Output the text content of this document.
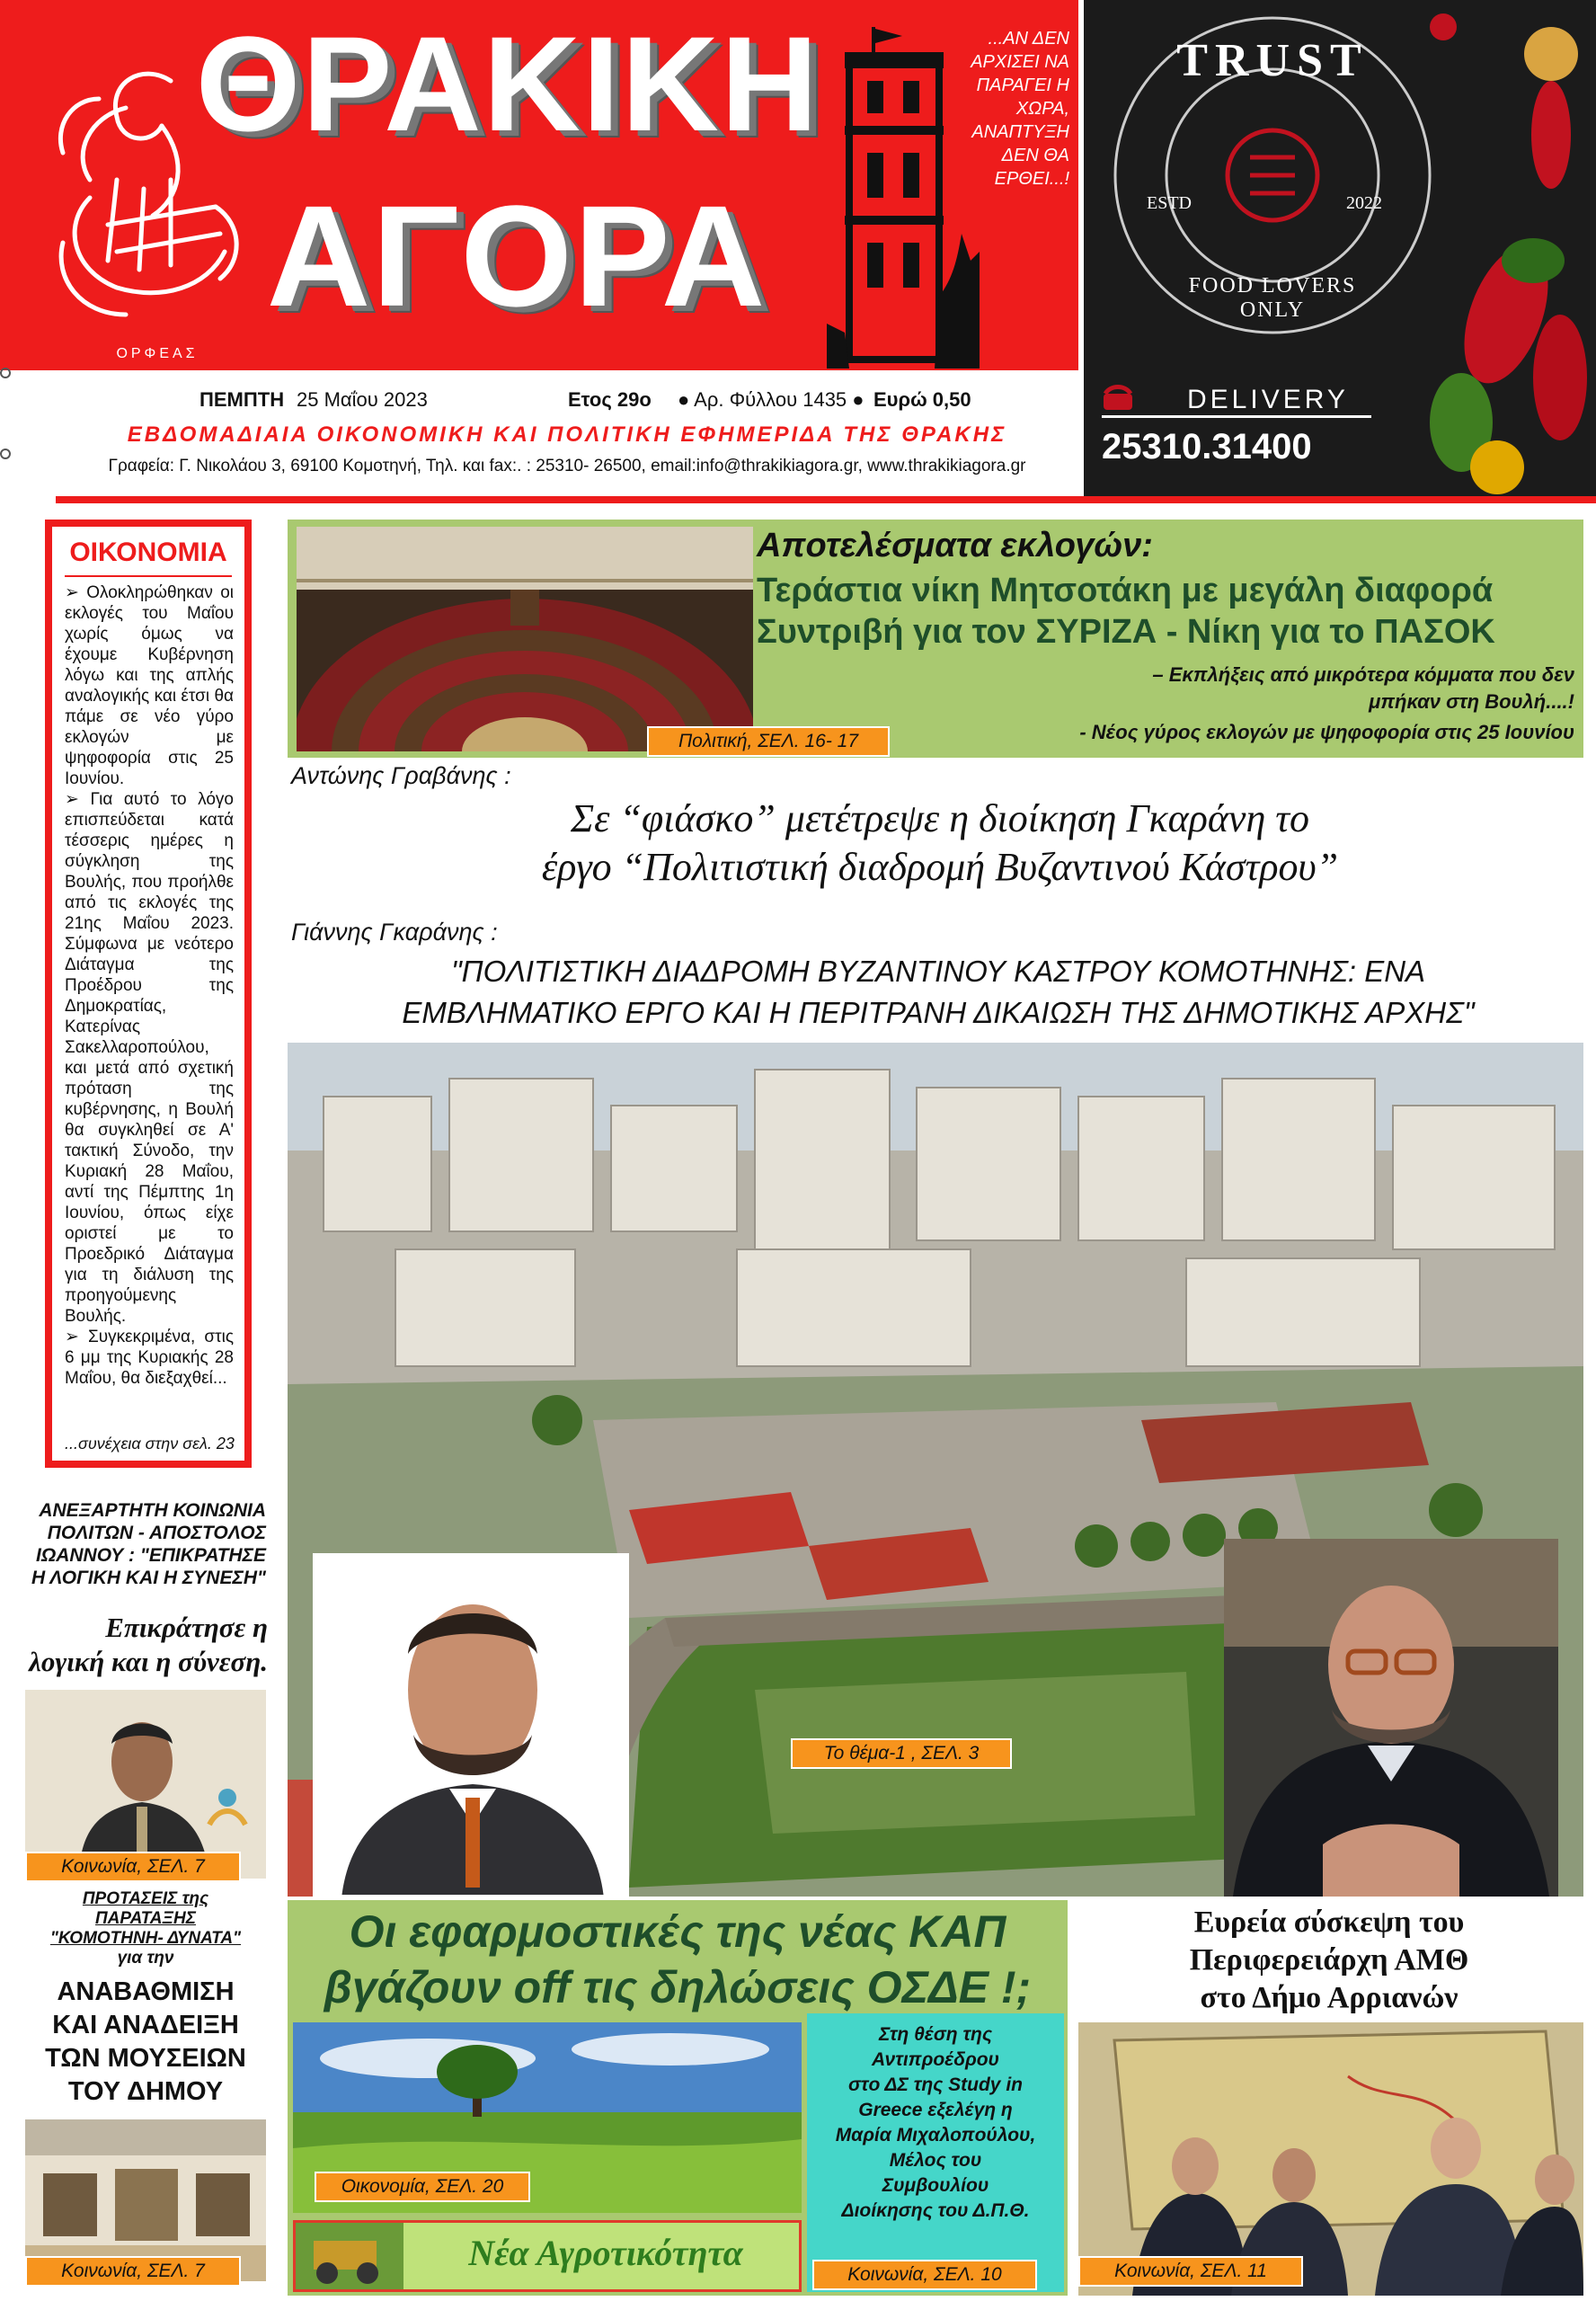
ΟΡΦΕΑΣ
ΘΡΑΚΙΚΗ
ΑΓΟΡΑ
...ΑΝ ΔΕΝ
ΑΡΧΙΣΕΙ ΝΑ
ΠΑΡΑΓΕΙ Η
ΧΩΡΑ,
ΑΝΑΠΤΥΞΗ
ΔΕΝ ΘΑ
ΕΡΘΕΙ...!
ΠΕΜΠΤΗ 25 Μαΐου 2023	Ετος 29ο ● Αρ. Φύλλου 1435 ● Ευρώ 0,50
ΕΒΔΟΜΑΔΙΑΙΑ ΟΙΚΟΝΟΜΙΚΗ ΚΑΙ ΠΟΛΙΤΙΚΗ ΕΦΗΜΕΡΙΔΑ ΤΗΣ ΘΡΑΚΗΣ
Γραφεία: Γ. Νικολάου 3, 69100 Κομοτηνή, Τηλ. και fax:. : 25310- 26500, email:info@thrakikiagora.gr, www.thrakikiagora.gr
TRUST
ESTD	2022
FOOD LOVERS ONLY
DELIVERY
25310.31400
ΟΙΚΟΝΟΜΙΑ
➢ Ολοκληρώθηκαν οι εκλογές του Μαΐου χωρίς όμως να έχουμε Κυβέρνηση λόγω και της απλής αναλογικής και έτσι θα πάμε σε νέο γύρο εκλογών με ψηφοφορία στις 25 Ιουνίου.
➢ Για αυτό το λόγο επισπεύδεται κατά τέσσερις ημέρες η σύγκληση της Βουλής, που προήλθε από τις εκλογές της 21ης Μαΐου 2023. Σύμφωνα με νεότερο Διάταγμα της Προέδρου της Δημοκρατίας, Κατερίνας Σακελλαροπούλου, και μετά από σχετική πρόταση της κυβέρνησης, η Βουλή θα συγκληθεί σε Α' τακτική Σύνοδο, την Κυριακή 28 Μαΐου, αντί της Πέμπτης 1η Ιουνίου, όπως είχε οριστεί με το Προεδρικό Διάταγμα για τη διάλυση της προηγούμενης Βουλής.
➢ Συγκεκριμένα, στις 6 μμ της Κυριακής 28 Μαΐου, θα διεξαχθεί...
...συνέχεια στην σελ. 23
ΑΝΕΞΑΡΤΗΤΗ ΚΟΙΝΩΝΙΑ ΠΟΛΙΤΩΝ - ΑΠΟΣΤΟΛΟΣ ΙΩΑΝΝΟΥ : "ΕΠΙΚΡΑΤΗΣΕ Η ΛΟΓΙΚΗ ΚΑΙ Η ΣΥΝΕΣΗ"
Επικράτησε η λογική και η σύνεση.
Κοινωνία, ΣΕΛ. 7
ΠΡΟΤΑΣΕΙΣ της
ΠΑΡΑΤΑΞΗΣ
"ΚΟΜΟΤΗΝΗ- ΔΥΝΑΤΑ"
για την
ΑΝΑΒΑΘΜΙΣΗ
ΚΑΙ ΑΝΑΔΕΙΞΗ
ΤΩΝ ΜΟΥΣΕΙΩΝ
ΤΟΥ ΔΗΜΟΥ
Κοινωνία, ΣΕΛ. 7
Πολιτική, ΣΕΛ. 16- 17
Αποτελέσματα εκλογών:
Τεράστια νίκη Μητσοτάκη με μεγάλη διαφορά
Συντριβή για τον ΣΥΡΙΖΑ - Νίκη για το ΠΑΣΟΚ
– Εκπλήξεις από μικρότερα κόμματα που δεν
μπήκαν στη Βουλή....!
- Νέος γύρος εκλογών με ψηφοφορία στις 25 Ιουνίου
Αντώνης Γραβάνης :
Σε “φιάσκο” μετέτρεψε η διοίκηση Γκαράνη το
έργο “Πολιτιστική διαδρομή Βυζαντινού Κάστρου”
Γιάννης Γκαράνης :
"ΠΟΛΙΤΙΣΤΙΚΗ ΔΙΑΔΡΟΜΗ ΒΥΖΑΝΤΙΝΟΥ ΚΑΣΤΡΟΥ ΚΟΜΟΤΗΝΗΣ: ΕΝΑ
ΕΜΒΛΗΜΑΤΙΚΟ ΕΡΓΟ ΚΑΙ Η ΠΕΡΙΤΡΑΝΗ ΔΙΚΑΙΩΣΗ ΤΗΣ ΔΗΜΟΤΙΚΗΣ ΑΡΧΗΣ"
Το θέμα-1 , ΣΕΛ. 3
Οι εφαρμοστικές της νέας ΚΑΠ
βγάζουν off τις δηλώσεις ΟΣΔΕ !;
Οικονομία, ΣΕΛ. 20
Νέα Αγροτικότητα
Στη θέση της
Αντιπροέδρου
στο ΔΣ της Study in
Greece εξελέγη η
Μαρία Μιχαλοπούλου,
Μέλος του
Συμβουλίου
Διοίκησης του Δ.Π.Θ.
Κοινωνία, ΣΕΛ. 10
Ευρεία σύσκεψη του
Περιφερειάρχη ΑΜΘ
στο Δήμο Αρριανών
Κοινωνία, ΣΕΛ. 11
